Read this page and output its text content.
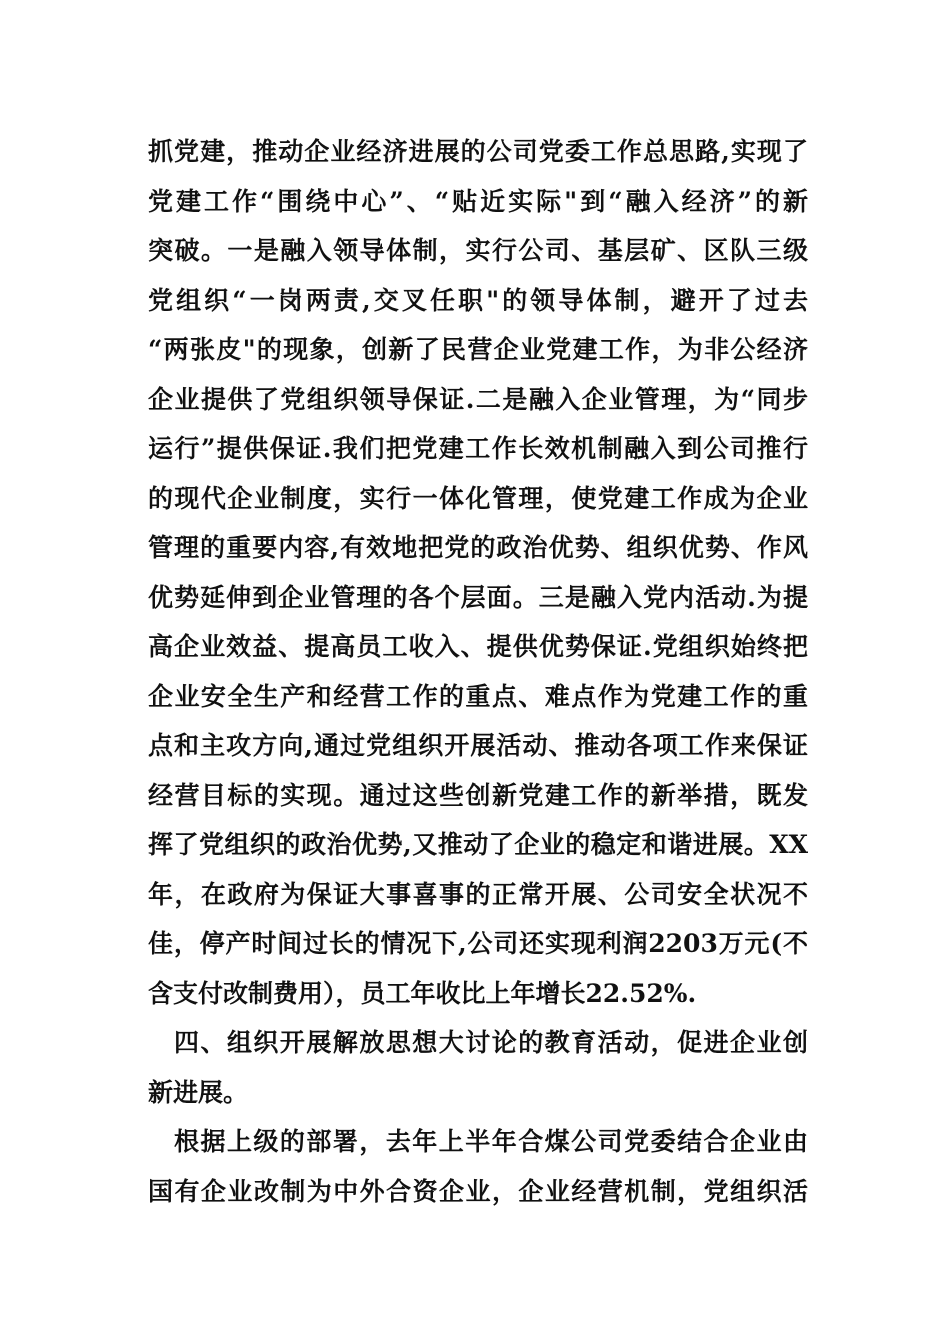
抓党建，推动企业经济进展的公司党委工作总思路,实现了
党建工作“围绕中心”、“贴近实际"到“融入经济”的新
突破。一是融入领导体制，实行公司、基层矿、区队三级
党组织“一岗两责,交叉任职"的领导体制，避开了过去
“两张皮"的现象，创新了民营企业党建工作，为非公经济
企业提供了党组织领导保证.二是融入企业管理，为“同步
运行”提供保证.我们把党建工作长效机制融入到公司推行
的现代企业制度，实行一体化管理，使党建工作成为企业
管理的重要内容,有效地把党的政治优势、组织优势、作风
优势延伸到企业管理的各个层面。三是融入党内活动.为提
高企业效益、提高员工收入、提供优势保证.党组织始终把
企业安全生产和经营工作的重点、难点作为党建工作的重
点和主攻方向,通过党组织开展活动、推动各项工作来保证
经营目标的实现。通过这些创新党建工作的新举措，既发
挥了党组织的政治优势,又推动了企业的稳定和谐进展。XX
年，在政府为保证大事喜事的正常开展、公司安全状况不
佳，停产时间过长的情况下,公司还实现利润2203万元(不
含支付改制费用），员工年收比上年增长22.52%.
四、组织开展解放思想大讨论的教育活动，促进企业创
新进展。
根据上级的部署，去年上半年合煤公司党委结合企业由
国有企业改制为中外合资企业，企业经营机制，党组织活
